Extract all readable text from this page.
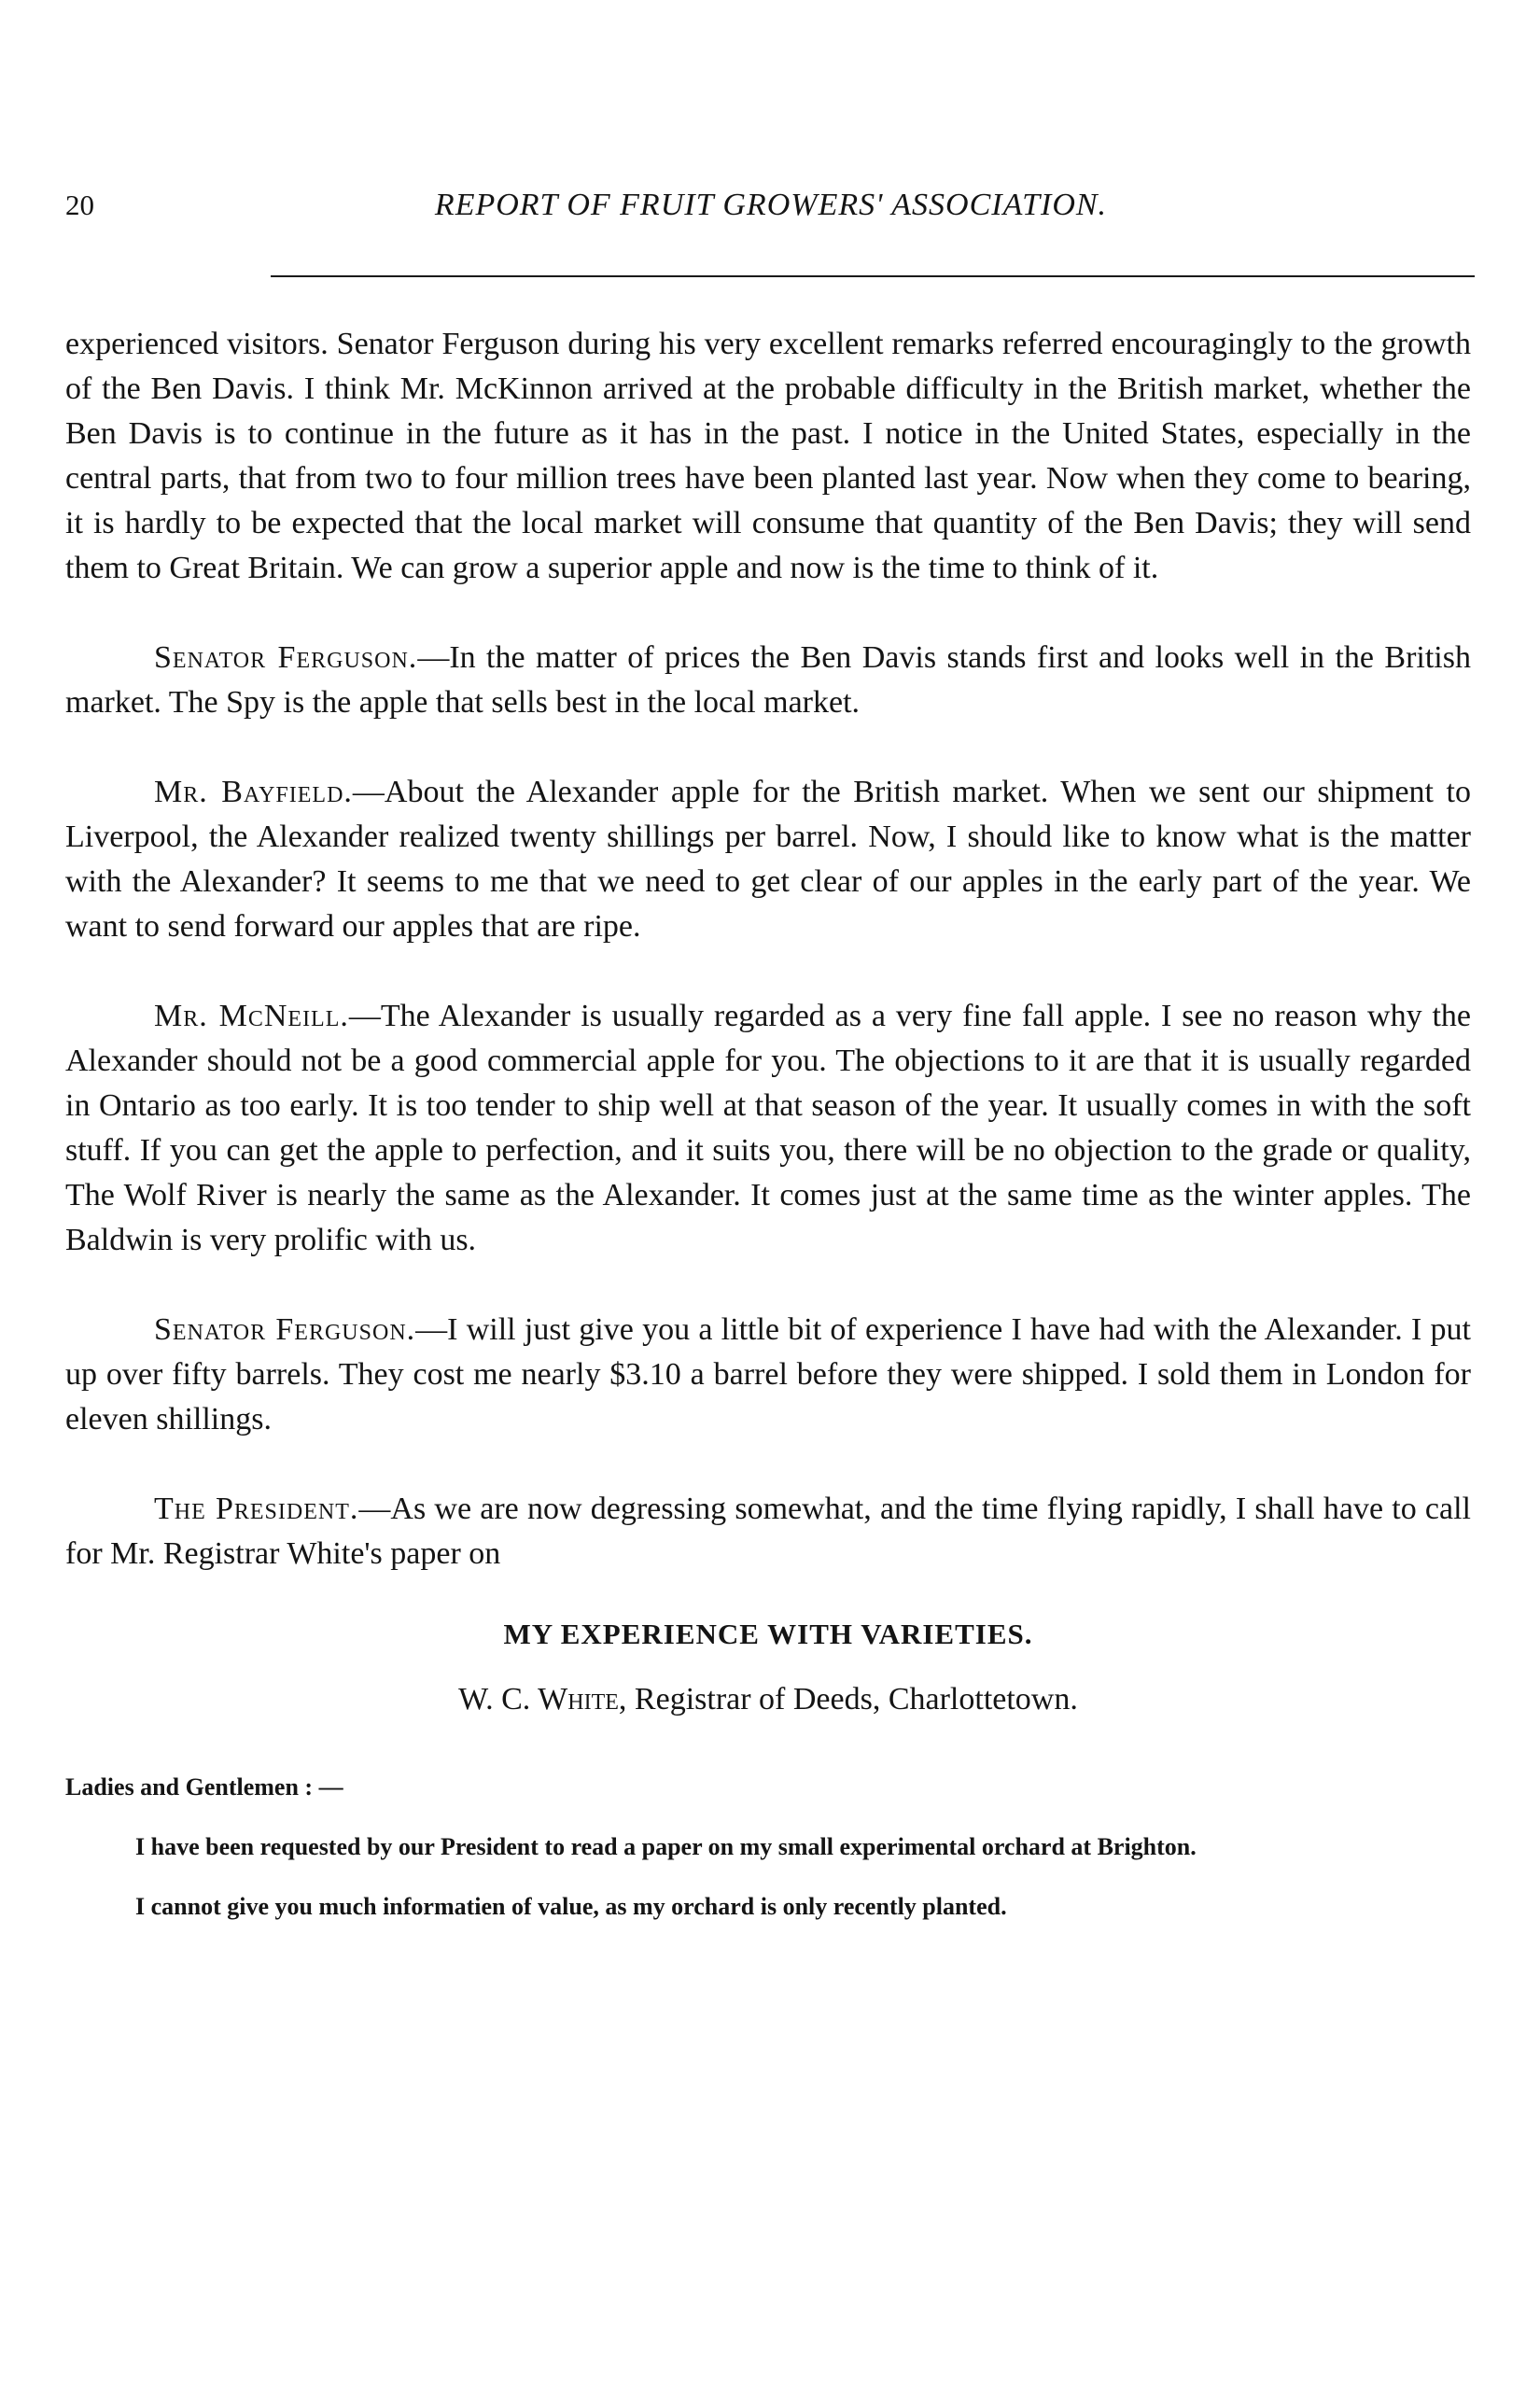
20	REPORT OF FRUIT GROWERS' ASSOCIATION.

experienced visitors. Senator Ferguson during his very excellent remarks referred encouragingly to the growth of the Ben Davis. I think Mr. McKinnon arrived at the probable difficulty in the British market, whether the Ben Davis is to continue in the future as it has in the past. I notice in the United States, especially in the central parts, that from two to four million trees have been planted last year. Now when they come to bearing, it is hardly to be expected that the local market will consume that quantity of the Ben Davis; they will send them to Great Britain. We can grow a superior apple and now is the time to think of it.

Senator Ferguson.—In the matter of prices the Ben Davis stands first and looks well in the British market. The Spy is the apple that sells best in the local market.

Mr. Bayfield.—About the Alexander apple for the British market. When we sent our shipment to Liverpool, the Alexander realized twenty shillings per barrel. Now, I should like to know what is the matter with the Alexander? It seems to me that we need to get clear of our apples in the early part of the year. We want to send forward our apples that are ripe.

Mr. McNeill.—The Alexander is usually regarded as a very fine fall apple. I see no reason why the Alexander should not be a good commercial apple for you. The objections to it are that it is usually regarded in Ontario as too early. It is too tender to ship well at that season of the year. It usually comes in with the soft stuff. If you can get the apple to perfection, and it suits you, there will be no objection to the grade or quality, The Wolf River is nearly the same as the Alexander. It comes just at the same time as the winter apples. The Baldwin is very prolific with us.

Senator Ferguson.—I will just give you a little bit of experience I have had with the Alexander. I put up over fifty barrels. They cost me nearly $3.10 a barrel before they were shipped. I sold them in London for eleven shillings.

The President.—As we are now degressing somewhat, and the time flying rapidly, I shall have to call for Mr. Registrar White's paper on

MY EXPERIENCE WITH VARIETIES.
W. C. White, Registrar of Deeds, Charlottetown.

Ladies and Gentlemen : —

I have been requested by our President to read a paper on my small experimental orchard at Brighton.

I cannot give you much informatien of value, as my orchard is only recently planted.
